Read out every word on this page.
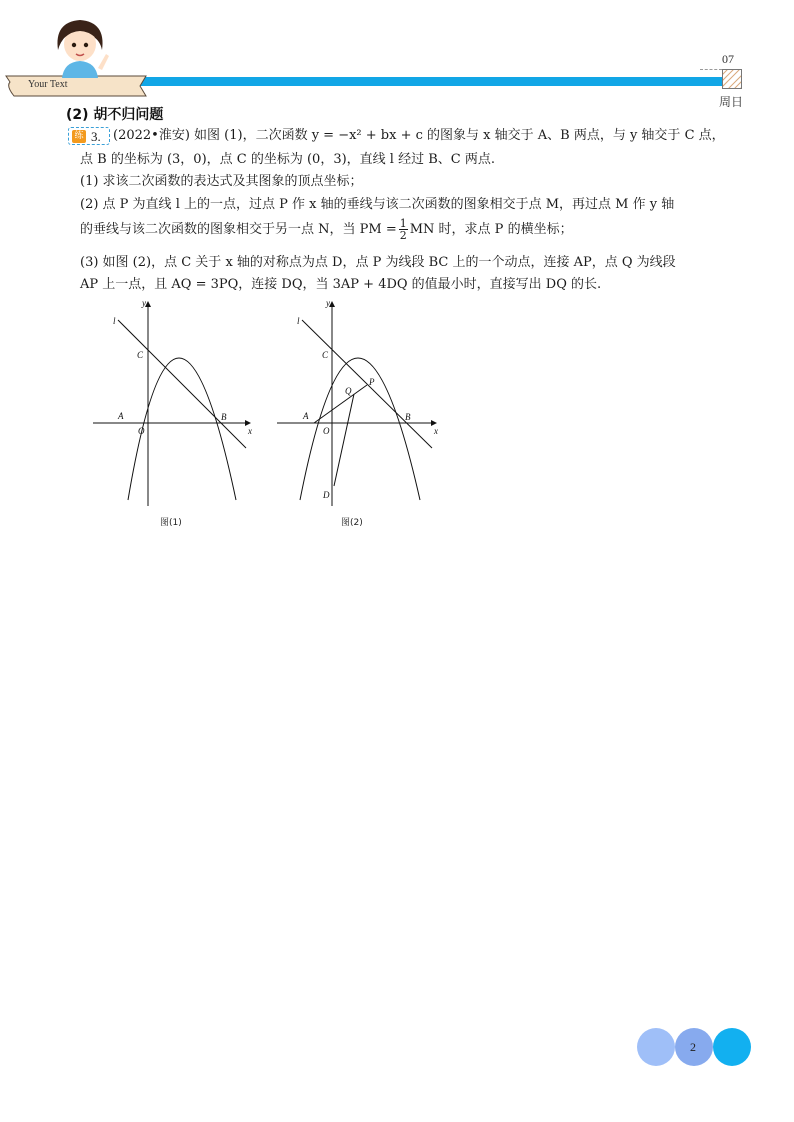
Your Text
07
周日
(2) 胡不归问题
练 3. (2022•淮安) 如图 (1)，二次函数 y = −x² + bx + c 的图象与 x 轴交于 A、B 两点，与 y 轴交于 C 点，
点 B 的坐标为 (3，0)，点 C 的坐标为 (0，3)，直线 l 经过 B、C 两点.
(1) 求该二次函数的表达式及其图象的顶点坐标；
(2) 点 P 为直线 l 上的一点，过点 P 作 x 轴的垂线与该二次函数的图象相交于点 M，再过点 M 作 y 轴
的垂线与该二次函数的图象相交于另一点 N，当 PM = $\frac{1}{2}$ MN 时，求点 P 的横坐标；
(3) 如图 (2)，点 C 关于 x 轴的对称点为点 D，点 P 为线段 BC 上的一个动点，连接 AP，点 Q 为线段
AP 上一点，且 AQ = 3PQ，连接 DQ，当 3AP + 4DQ 的值最小时，直接写出 DQ 的长.
l
y
x
C
A
O
B
图(1)
l
y
x
C
A
O
B
P
Q
D
图(2)
2
